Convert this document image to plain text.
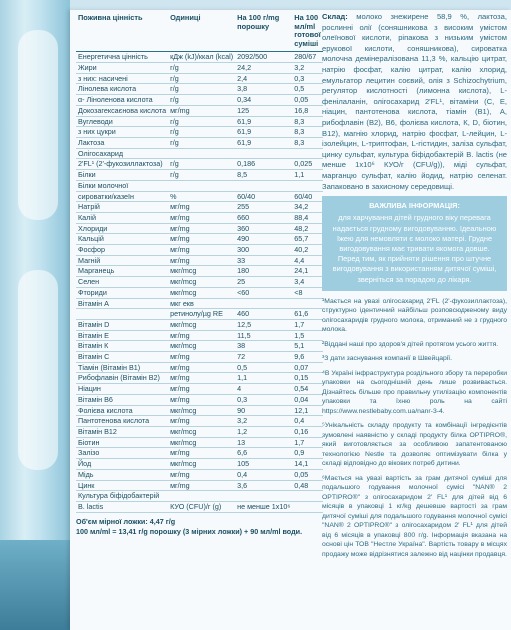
Поживна цінність	Одиниці	На 100 г/mg порошку	На 100 мл/ml готової суміші
Енергетична цінність	кДж (kJ)/ккал (kcal)	2092/500	280/67
Жири	г/g	24,2	3,2
з них: насичені	г/g	2,4	0,3
Лінолева кислота	г/g	3,8	0,5
α- Ліноленова кислота	г/g	0,34	0,05
Докозагексаєнова кислота	мг/mg	125	16,8
Вуглеводи	г/g	61,9	8,3
з них цукри	г/g	61,9	8,3
Лактоза	г/g	61,9	8,3
Олігосахарид			
2'FL¹ (2'-фукозиллактоза)	г/g	0,186	0,025
Білки	г/g	8,5	1,1
Білки молочної			
сироватки/казеїн	%	60/40	60/40
Натрій	мг/mg	255	34,2
Калій	мг/mg	660	88,4
Хлориди	мг/mg	360	48,2
Кальцій	мг/mg	490	65,7
Фосфор	мг/mg	300	40,2
Магній	мг/mg	33	4,4
Марганець	мкг/mcg	180	24,1
Селен	мкг/mcg	25	3,4
Фториди	мкг/mcg	<60	<8
Вітамін А	мкг екв		
	ретинолу/µg RE	460	61,6
Вітамін D	мкг/mcg	12,5	1,7
Вітамін Е	мг/mg	11,5	1,5
Вітамін К	мкг/mcg	38	5,1
Вітамін С	мг/mg	72	9,6
Тіамін (Вітамін В1)	мг/mg	0,5	0,07
Рибофлавін (Вітамін В2)	мг/mg	1,1	0,15
Ніацин	мг/mg	4	0,54
Вітамін В6	мг/mg	0,3	0,04
Фолієва кислота	мкг/mcg	90	12,1
Пантотенова кислота	мг/mg	3,2	0,4
Вітамін В12	мкг/mcg	1,2	0,16
Біотин	мкг/mcg	13	1,7
Залізо	мг/mg	6,6	0,9
Йод	мкг/mcg	105	14,1
Мідь	мг/mg	0,4	0,05
Цинк	мг/mg	3,6	0,48
Культура біфідобактерій			
B. lactis	КУО (CFU)/г (g)	не менше 1x10⁶	
Об'єм мірної ложки: 4,47 г/g
100 мл/ml = 13,41 г/g порошку (3 мірних ложки) + 90 мл/ml води.
Склад: молоко знежирене 58,9 %, лактоза, рослинні олії (соняшникова з високим умістом олеїнової кислоти, ріпакова з низьким умістом ерукової кислоти, соняшникова), сироватка молочна демінералізована 11,3 %, кальцію цитрат, натрію фосфат, калію цитрат, калію хлорид, емульгатор лецитин соєвий, олія з Schizochytrium, регулятор кислотності (лимонна кислота), L-фенілаланін, олігосахарид 2'FL¹, вітаміни (С, Е, ніацин, пантотенова кислота, тіамін (В1), А, рибофлавін (В2), В6, фолієва кислота, К, D, біотин, В12), магнію хлорид, натрію фосфат, L-лейцин, L-ізолейцин, L-триптофан, L-гістидин, заліза сульфат, цинку сульфат, культура біфідобактерій B. lactis (не менше 1x10⁶ КУО/г (CFU/g)), міді сульфат, марганцю сульфат, калію йодид, натрію селенат. Запаковано в захисному середовищі.
ВАЖЛИВА ІНФОРМАЦІЯ:
для харчування дітей грудного віку перевага надається грудному вигодовуванню. Ідеальною їжею для немовляти є молоко матері. Грудне вигодовування має тривати якомога довше. Перед тим, як прийняти рішення про штучне вигодовування з використанням дитячої суміші, зверніться за порадою до лікаря.

¹Мається на увазі олігосахарид 2'FL (2'-фукозиллактоза), структурно ідентичний найбільш розповсюдженому виду олігосахаридів грудного молока, отриманий не з грудного молока.

²Віддані наші про здоров'я дітей протягом усього життя.

³З дати заснування компанії в Швейцарії.

⁴В Україні інфраструктура роздільного збору та переробки упаковки на сьогоднішній день лише розвивається. Дізнайтесь більше про правильну утилізацію компонентів упаковки та їхню роль на сайті https://www.nestlebaby.com.ua/nanr-3-4.

⁵Унікальність складу продукту та комбінації інгредієнтів зумовлені наявністю у складі продукту білка OPTIPRO®, який виготовляється за особливою запатентованою технологією Nestle та дозволяє оптимізувати білка у складі відповідно до вікових потреб дитини.

⁶Мається на увазі вартість за грам дитячої суміші для подальшого годування молочної сумісі "NAN® 2 OPTIPRO®" з олігосахаридом 2' FL¹ для дітей від 6 місяців в упаковці 1 кг/kg дешевше вартості за грам дитячої суміші для подальшого годування молочної сумісі "NAN® 2 OPTIPRO®" з олігосахаридом 2' FL¹ для дітей від 6 місяців в упаковці 800 г/g. Інформація вказана на основі цін ТОВ "Нестле Україна". Вартість товару в місцях продажу може відрізнятися залежно від націнки продавця.
